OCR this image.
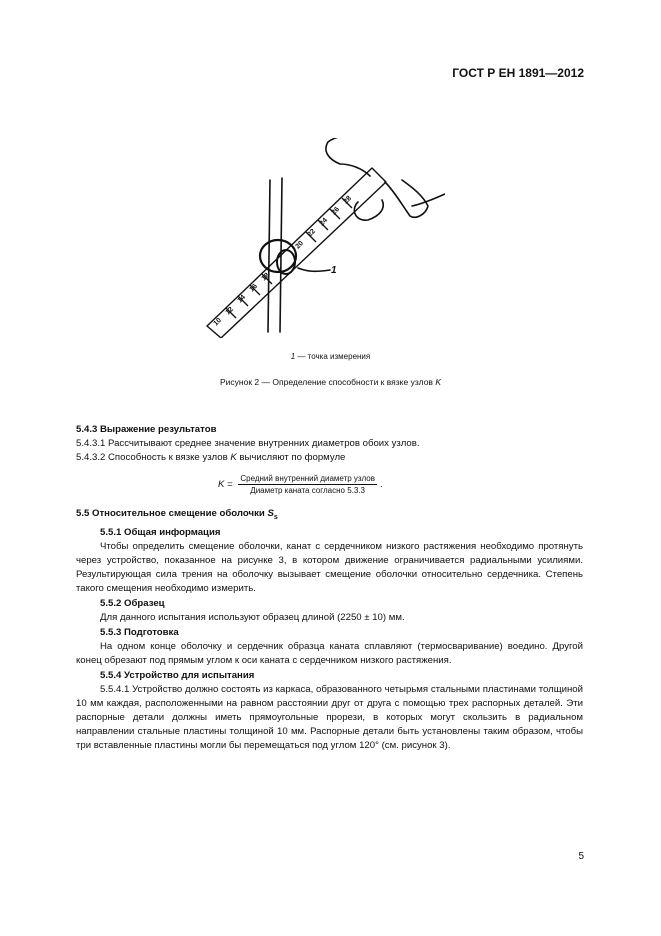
ГОСТ Р ЕН 1891—2012
10
12
14
16
18
20
22
24
26
28
1
1 — точка измерения
Рисунок 2 — Определение способности к вязке узлов K
5.4.3 Выражение результатов
5.4.3.1 Рассчитывают среднее значение внутренних диаметров обоих узлов.
5.4.3.2 Способность к вязке узлов K вычисляют по формуле
$K = \frac{\text{Средний внутренний диаметр узлов}}{\text{Диаметр каната согласно 5.3.3}}$ .
5.5 Относительное смещение оболочки $S_s$
5.5.1 Общая информация
Чтобы определить смещение оболочки, канат с сердечником низкого растяжения необходимо протянуть через устройство, показанное на рисунке 3, в котором движение ограничивается радиальными усилиями. Результирующая сила трения на оболочку вызывает смещение оболочки относительно сердечника. Степень такого смещения необходимо измерить.
5.5.2 Образец
Для данного испытания используют образец длиной (2250 ± 10) мм.
5.5.3 Подготовка
На одном конце оболочку и сердечник образца каната сплавляют (термосваривание) воедино. Другой конец обрезают под прямым углом к оси каната с сердечником низкого растяжения.
5.5.4 Устройство для испытания
5.5.4.1 Устройство должно состоять из каркаса, образованного четырьмя стальными пластинами толщиной 10 мм каждая, расположенными на равном расстоянии друг от друга с помощью трех распорных деталей. Эти распорные детали должны иметь прямоугольные прорези, в которых могут скользить в радиальном направлении стальные пластины толщиной 10 мм. Распорные детали быть установлены таким образом, чтобы три вставленные пластины могли бы перемещаться под углом 120° (см. рисунок 3).
5
